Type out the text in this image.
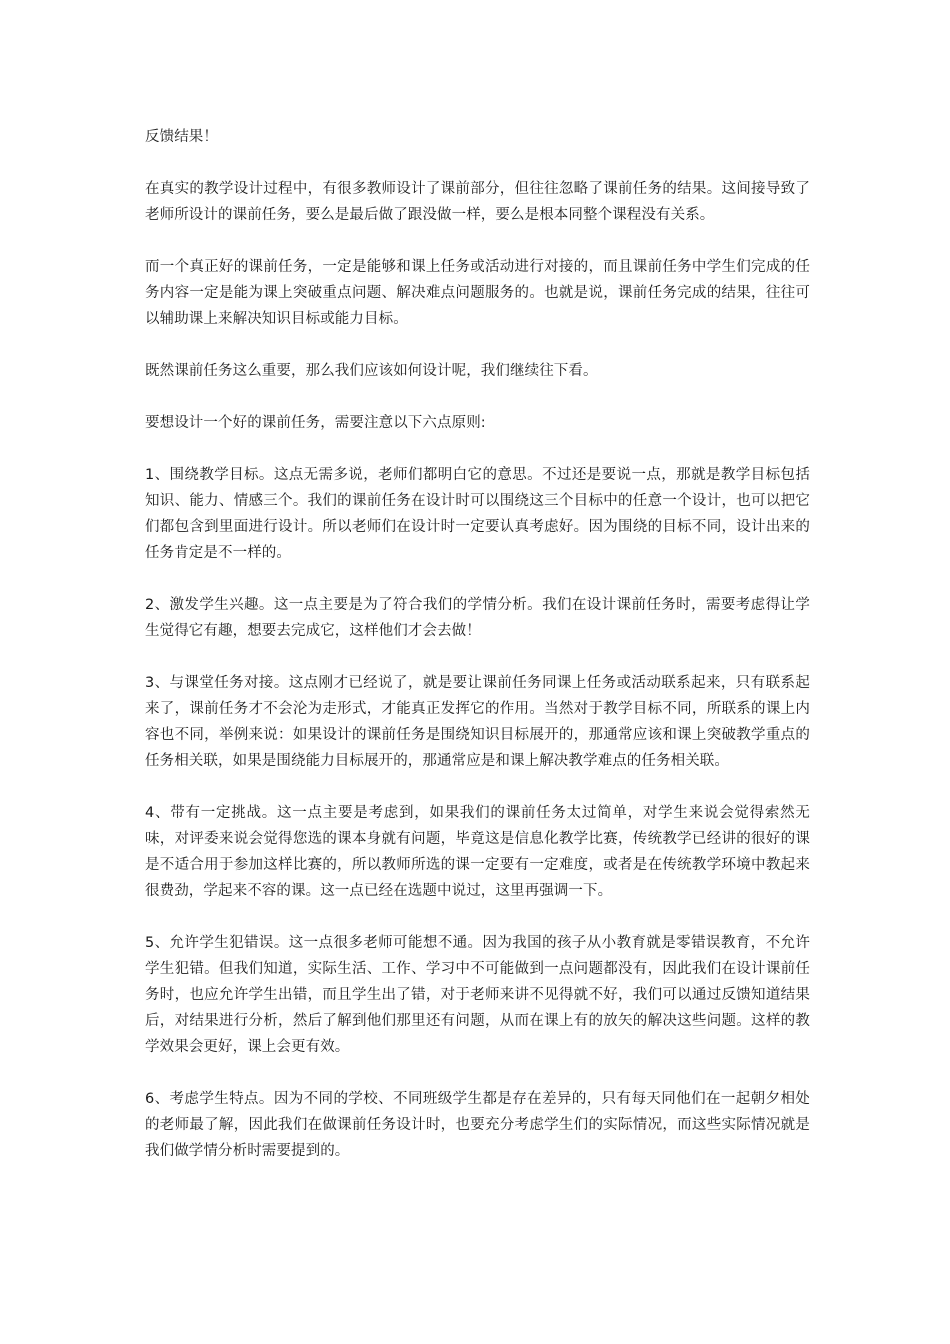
反馈结果！

在真实的教学设计过程中，有很多教师设计了课前部分，但往往忽略了课前任务的结果。这间接导致了老师所设计的课前任务，要么是最后做了跟没做一样，要么是根本同整个课程没有关系。

而一个真正好的课前任务，一定是能够和课上任务或活动进行对接的，而且课前任务中学生们完成的任务内容一定是能为课上突破重点问题、解决难点问题服务的。也就是说，课前任务完成的结果，往往可以辅助课上来解决知识目标或能力目标。

既然课前任务这么重要，那么我们应该如何设计呢，我们继续往下看。

要想设计一个好的课前任务，需要注意以下六点原则:

1、围绕教学目标。这点无需多说，老师们都明白它的意思。不过还是要说一点，那就是教学目标包括知识、能力、情感三个。我们的课前任务在设计时可以围绕这三个目标中的任意一个设计，也可以把它们都包含到里面进行设计。所以老师们在设计时一定要认真考虑好。因为围绕的目标不同，设计出来的任务肯定是不一样的。

2、激发学生兴趣。这一点主要是为了符合我们的学情分析。我们在设计课前任务时，需要考虑得让学生觉得它有趣，想要去完成它，这样他们才会去做！

3、与课堂任务对接。这点刚才已经说了，就是要让课前任务同课上任务或活动联系起来，只有联系起来了，课前任务才不会沦为走形式，才能真正发挥它的作用。当然对于教学目标不同，所联系的课上内容也不同，举例来说：如果设计的课前任务是围绕知识目标展开的，那通常应该和课上突破教学重点的任务相关联，如果是围绕能力目标展开的，那通常应是和课上解决教学难点的任务相关联。

4、带有一定挑战。这一点主要是考虑到，如果我们的课前任务太过简单，对学生来说会觉得索然无味，对评委来说会觉得您选的课本身就有问题，毕竟这是信息化教学比赛，传统教学已经讲的很好的课是不适合用于参加这样比赛的，所以教师所选的课一定要有一定难度，或者是在传统教学环境中教起来很费劲，学起来不容的课。这一点已经在选题中说过，这里再强调一下。

5、允许学生犯错误。这一点很多老师可能想不通。因为我国的孩子从小教育就是零错误教育，不允许学生犯错。但我们知道，实际生活、工作、学习中不可能做到一点问题都没有，因此我们在设计课前任务时，也应允许学生出错，而且学生出了错，对于老师来讲不见得就不好，我们可以通过反馈知道结果后，对结果进行分析，然后了解到他们那里还有问题，从而在课上有的放矢的解决这些问题。这样的教学效果会更好，课上会更有效。

6、考虑学生特点。因为不同的学校、不同班级学生都是存在差异的，只有每天同他们在一起朝夕相处的老师最了解，因此我们在做课前任务设计时，也要充分考虑学生们的实际情况，而这些实际情况就是我们做学情分析时需要提到的。
